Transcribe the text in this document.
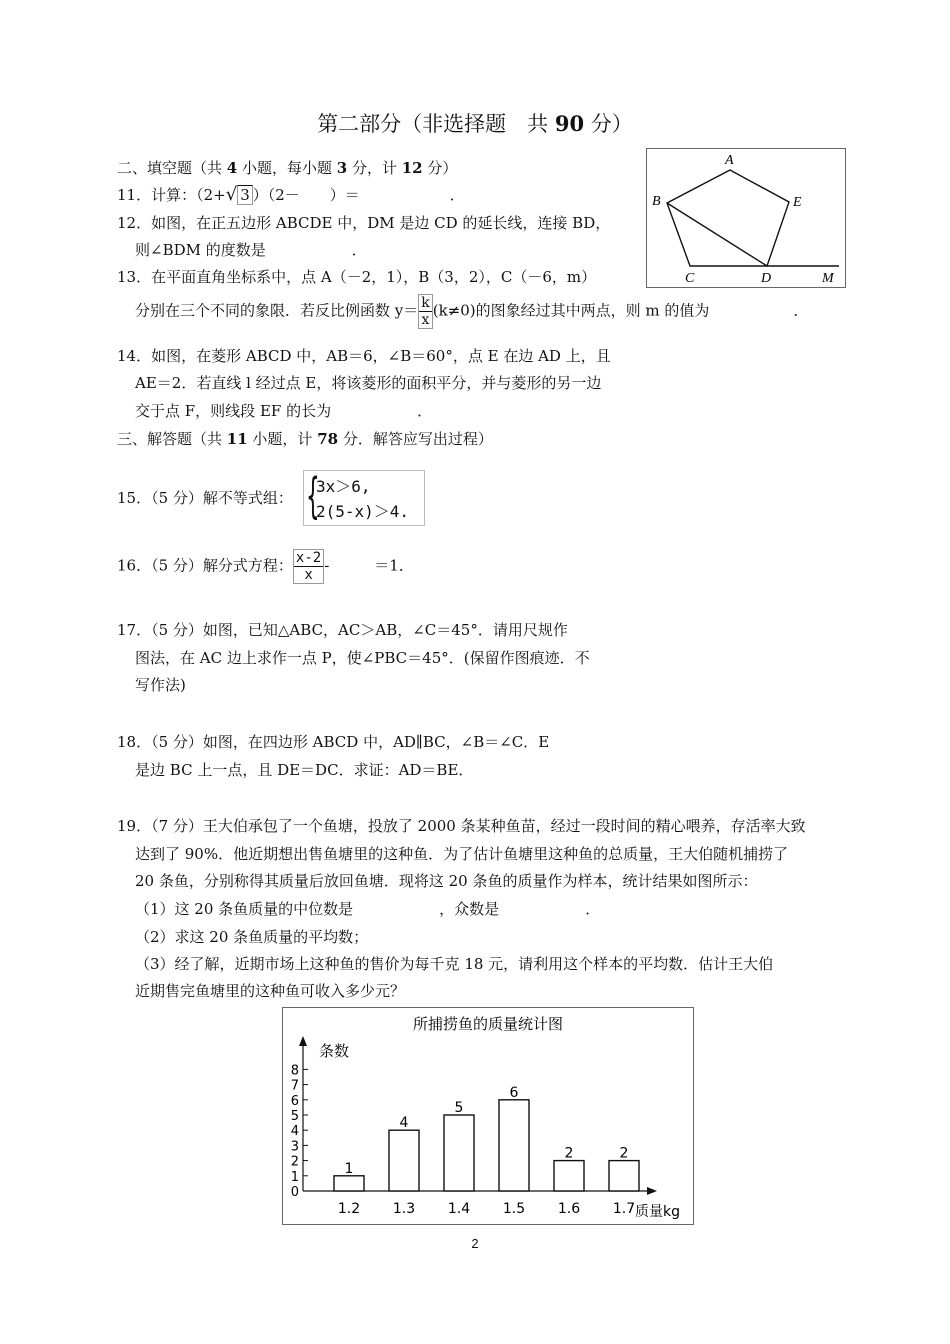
第二部分（非选择题　共 90 分）
二、填空题（共 4 小题，每小题 3 分，计 12 分）
11．计算：（2+√ 3 ）（2－　　）＝	．
12．如图，在正五边形 ABCDE 中，DM 是边 CD 的延长线，连接 BD，
则∠BDM 的度数是	．
13．在平面直角坐标系中，点 A（－2，1），B（3，2），C（－6，m）
分别在三个不同的象限．若反比例函数 $y= \frac{k}{x} (k\ne 0)$的图象经过其中两点，则 m 的值为	．
14．如图，在菱形 ABCD 中，AB＝6，∠B＝60°，点 E 在边 AD 上，且
AE＝2．若直线 l 经过点 E，将该菱形的面积平分，并与菱形的另一边
交于点 F，则线段 EF 的长为	．
三、解答题（共 11 小题，计 78 分．解答应写出过程）
15．（5 分）解不等式组： {
3x＞6,
2(5-x)＞4.
16．（5 分）解分式方程： $\frac{x-2}{x}$ -　　　＝1．
17．（5 分）如图，已知△ABC，AC＞AB，∠C＝45°．请用尺规作
图法，在 AC 边上求作一点 P，使∠PBC＝45°．(保留作图痕迹．不
写作法)
18．（5 分）如图，在四边形 ABCD 中，AD∥BC，∠B＝∠C．E
是边 BC 上一点，且 DE＝DC．求证：AD＝BE．
19．（7 分）王大伯承包了一个鱼塘，投放了 2000 条某种鱼苗，经过一段时间的精心喂养，存活率大致
达到了 90%．他近期想出售鱼塘里的这种鱼．为了估计鱼塘里这种鱼的总质量，王大伯随机捕捞了
20 条鱼，分别称得其质量后放回鱼塘．现将这 20 条鱼的质量作为样本，统计结果如图所示：
（1）这 20 条鱼质量的中位数是	，众数是	．
（2）求这 20 条鱼质量的平均数；
（3）经了解，近期市场上这种鱼的售价为每千克 18 元，请利用这个样本的平均数．估计王大伯
近期售完鱼塘里的这种鱼可收入多少元？
A
B
C	D
E
M
所捕捞鱼的质量统计图
条数
质量kg
0
1
2
3
4
5
6
7
8
1
1.2
4
1.3
5
1.4
6
1.5
2
1.6
2
1.7
2
